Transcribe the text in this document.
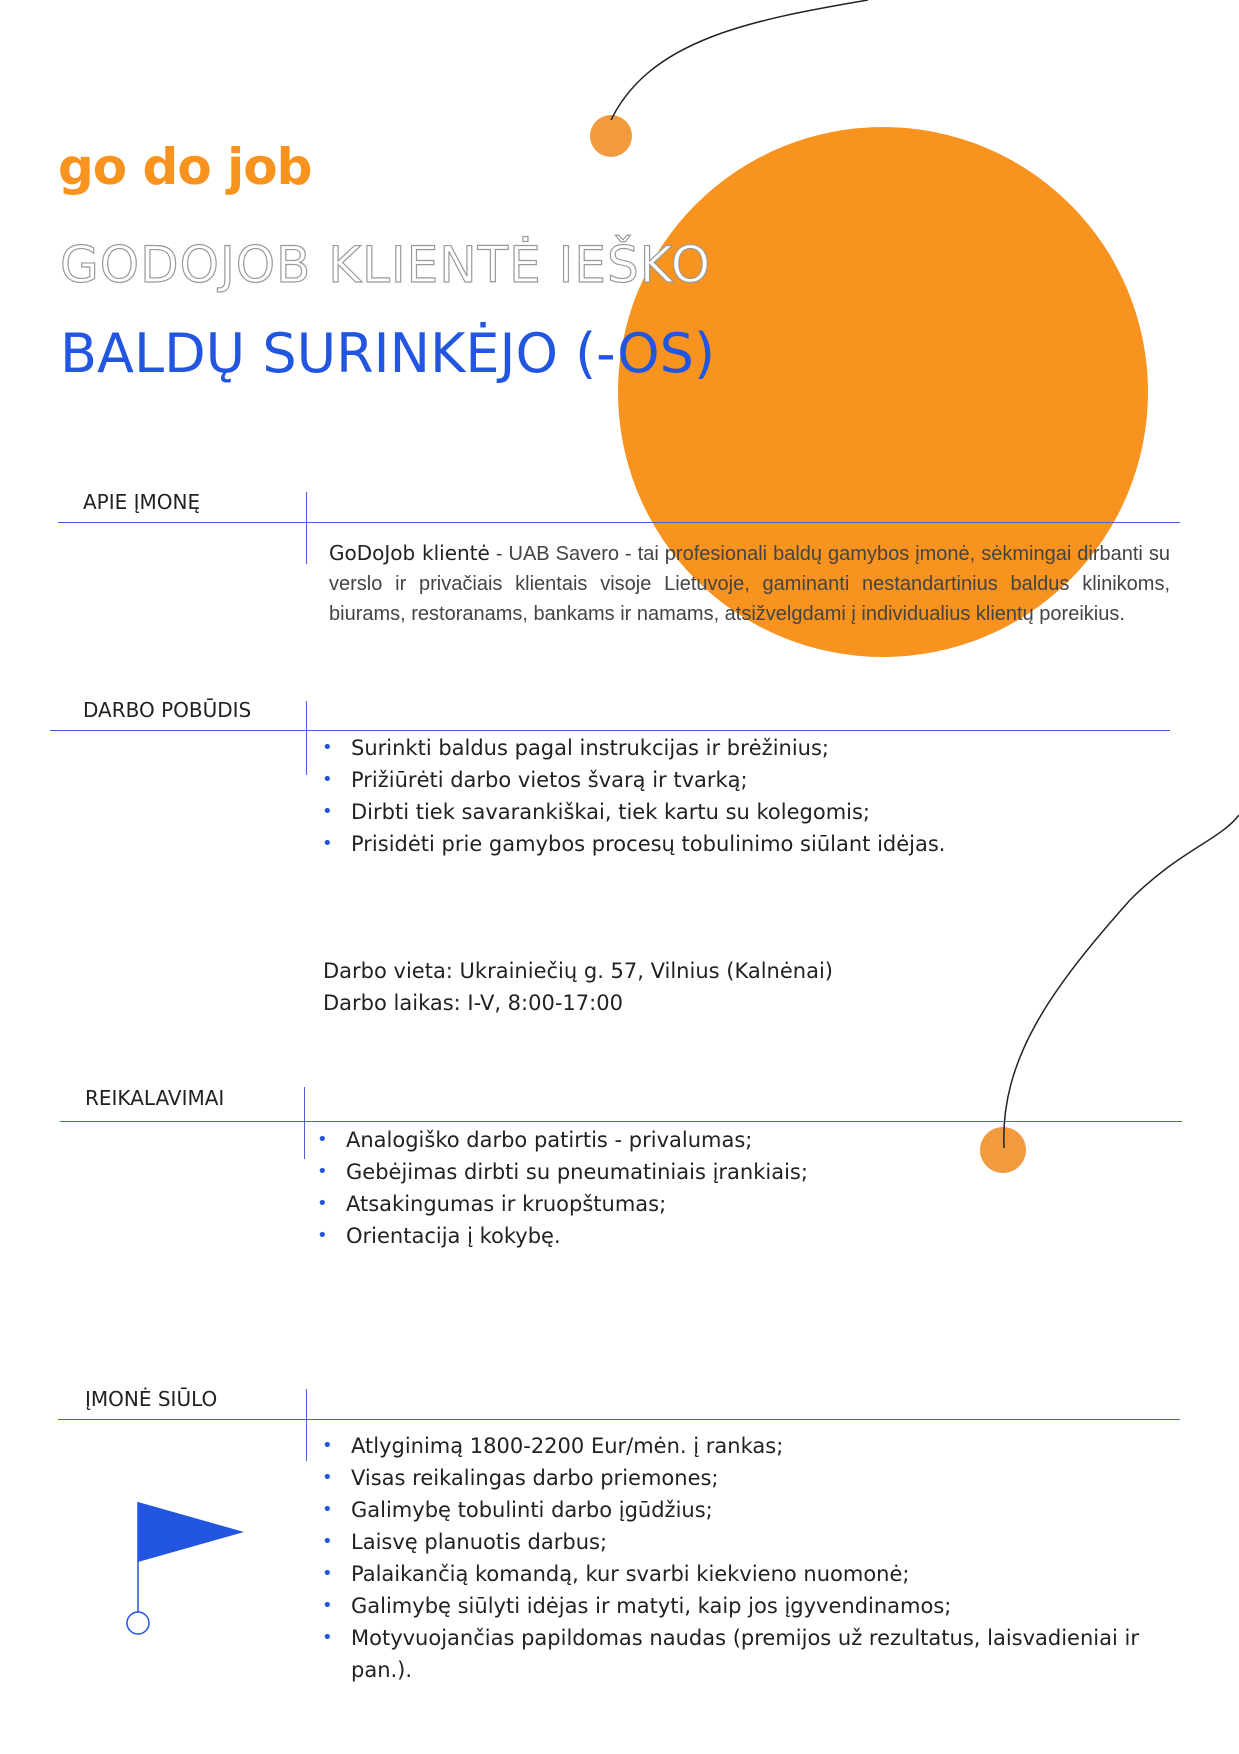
go do job
GODOJOB KLIENTĖ IEŠKO
BALDŲ SURINKĖJO (-OS)
APIE ĮMONĘ
GoDoJob klientė - UAB Savero - tai profesionali baldų gamybos įmonė, sėkmingai dirbanti su verslo ir privačiais klientais visoje Lietuvoje, gaminanti nestandartinius baldus klinikoms, biurams, restoranams, bankams ir namams, atsižvelgdami į individualius klientų poreikius.
DARBO POBŪDIS
• Surinkti baldus pagal instrukcijas ir brėžinius;
• Prižiūrėti darbo vietos švarą ir tvarką;
• Dirbti tiek savarankiškai, tiek kartu su kolegomis;
• Prisidėti prie gamybos procesų tobulinimo siūlant idėjas.
Darbo vieta: Ukrainiečių g. 57, Vilnius (Kalnėnai)
Darbo laikas: I-V, 8:00-17:00
REIKALAVIMAI
• Analogiško darbo patirtis - privalumas;
• Gebėjimas dirbti su pneumatiniais įrankiais;
• Atsakingumas ir kruopštumas;
• Orientacija į kokybę.
ĮMONĖ SIŪLO
• Atlyginimą 1800-2200 Eur/mėn. į rankas;
• Visas reikalingas darbo priemones;
• Galimybę tobulinti darbo įgūdžius;
• Laisvę planuotis darbus;
• Palaikančią komandą, kur svarbi kiekvieno nuomonė;
• Galimybę siūlyti idėjas ir matyti, kaip jos įgyvendinamos;
• Motyvuojančias papildomas naudas (premijos už rezultatus, laisvadieniai ir pan.).
